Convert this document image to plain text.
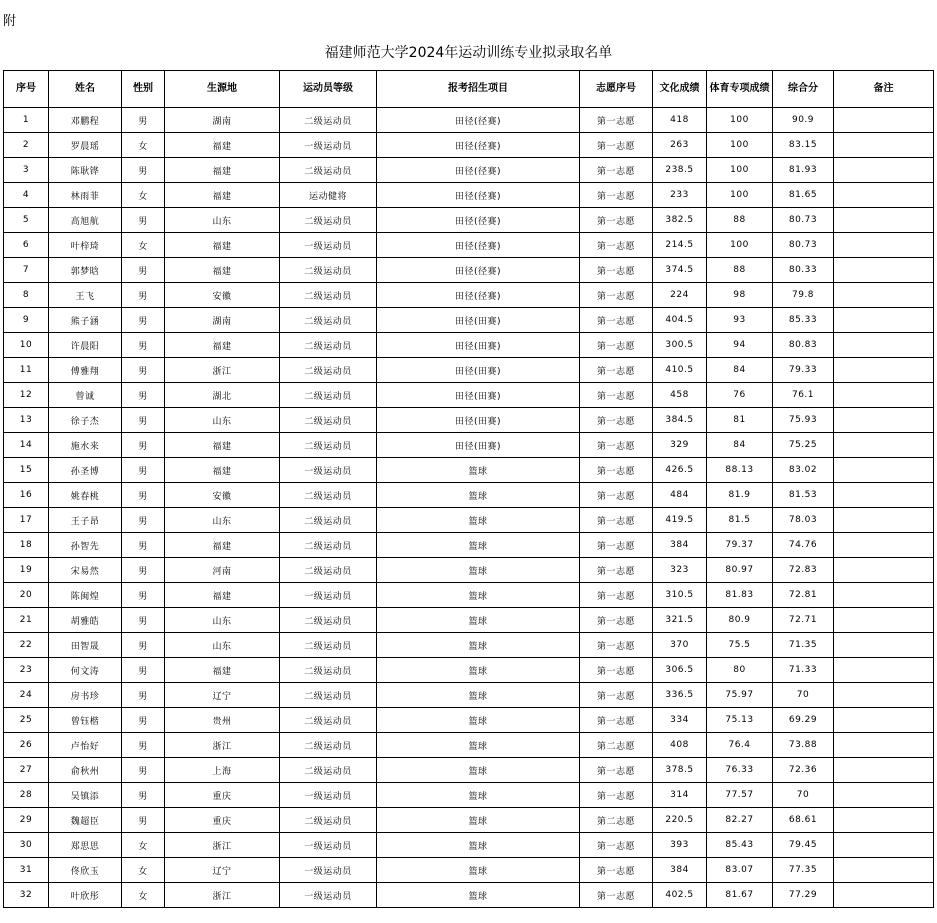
附
福建师范大学2024年运动训练专业拟录取名单
序号	姓名	性别	生源地	运动员等级	报考招生项目	志愿序号	文化成绩	体育专项成绩	综合分	备注
1	邓鹏程	男	湖南	二级运动员	田径(径赛)	第一志愿	418	100	90.9	
2	罗晨瑶	女	福建	一级运动员	田径(径赛)	第一志愿	263	100	83.15	
3	陈耿铧	男	福建	二级运动员	田径(径赛)	第一志愿	238.5	100	81.93	
4	林雨菲	女	福建	运动健将	田径(径赛)	第一志愿	233	100	81.65	
5	高旭航	男	山东	二级运动员	田径(径赛)	第一志愿	382.5	88	80.73	
6	叶梓琦	女	福建	一级运动员	田径(径赛)	第一志愿	214.5	100	80.73	
7	郭梦晗	男	福建	二级运动员	田径(径赛)	第一志愿	374.5	88	80.33	
8	王飞	男	安徽	二级运动员	田径(径赛)	第一志愿	224	98	79.8	
9	熊子涵	男	湖南	二级运动员	田径(田赛)	第一志愿	404.5	93	85.33	
10	许晨阳	男	福建	二级运动员	田径(田赛)	第一志愿	300.5	94	80.83	
11	傅雅翔	男	浙江	二级运动员	田径(田赛)	第一志愿	410.5	84	79.33	
12	曾诚	男	湖北	二级运动员	田径(田赛)	第一志愿	458	76	76.1	
13	徐子杰	男	山东	二级运动员	田径(田赛)	第一志愿	384.5	81	75.93	
14	施水来	男	福建	二级运动员	田径(田赛)	第一志愿	329	84	75.25	
15	孙圣博	男	福建	一级运动员	篮球	第一志愿	426.5	88.13	83.02	
16	姚春桃	男	安徽	二级运动员	篮球	第一志愿	484	81.9	81.53	
17	王子昂	男	山东	二级运动员	篮球	第一志愿	419.5	81.5	78.03	
18	孙智先	男	福建	二级运动员	篮球	第一志愿	384	79.37	74.76	
19	宋易然	男	河南	二级运动员	篮球	第一志愿	323	80.97	72.83	
20	陈闽煌	男	福建	一级运动员	篮球	第一志愿	310.5	81.83	72.81	
21	胡雅皓	男	山东	二级运动员	篮球	第一志愿	321.5	80.9	72.71	
22	田智晟	男	山东	二级运动员	篮球	第一志愿	370	75.5	71.35	
23	何文涛	男	福建	二级运动员	篮球	第一志愿	306.5	80	71.33	
24	房书珍	男	辽宁	二级运动员	篮球	第一志愿	336.5	75.97	70	
25	曾钰楷	男	贵州	二级运动员	篮球	第一志愿	334	75.13	69.29	
26	卢怡好	男	浙江	二级运动员	篮球	第二志愿	408	76.4	73.88	
27	俞秋州	男	上海	二级运动员	篮球	第一志愿	378.5	76.33	72.36	
28	吴镇添	男	重庆	一级运动员	篮球	第一志愿	314	77.57	70	
29	魏超臣	男	重庆	二级运动员	篮球	第二志愿	220.5	82.27	68.61	
30	郑思思	女	浙江	一级运动员	篮球	第一志愿	393	85.43	79.45	
31	佟欣玉	女	辽宁	一级运动员	篮球	第一志愿	384	83.07	77.35	
32	叶欣彤	女	浙江	一级运动员	篮球	第一志愿	402.5	81.67	77.29	
